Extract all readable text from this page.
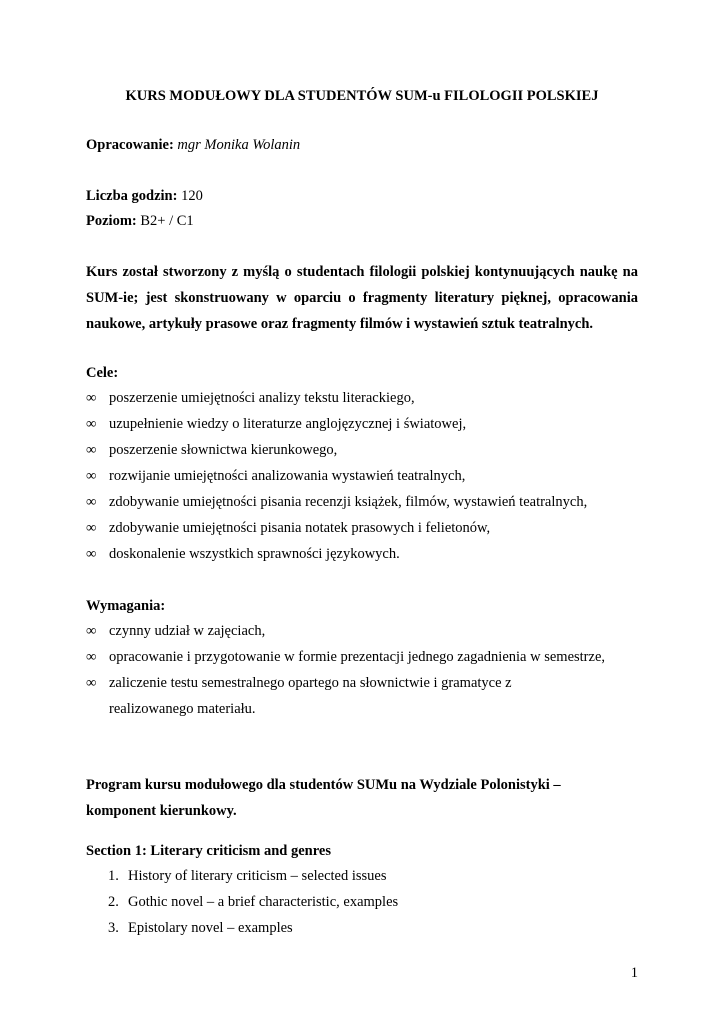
KURS MODUŁOWY DLA STUDENTÓW SUM-u FILOLOGII POLSKIEJ
Opracowanie: mgr Monika Wolanin
Liczba godzin: 120
Poziom: B2+ / C1
Kurs został stworzony z myślą o studentach filologii polskiej kontynuujących naukę na
SUM-ie; jest skonstruowany w oparciu o fragmenty literatury pięknej, opracowania
naukowe, artykuły prasowe oraz fragmenty filmów i wystawień sztuk teatralnych.
Cele:
∞ poszerzenie umiejętności analizy tekstu literackiego,
∞ uzupełnienie wiedzy o literaturze anglojęzycznej i światowej,
∞ poszerzenie słownictwa kierunkowego,
∞ rozwijanie umiejętności analizowania wystawień teatralnych,
∞ zdobywanie umiejętności pisania recenzji książek, filmów, wystawień teatralnych,
∞ zdobywanie umiejętności pisania notatek prasowych i felietonów,
∞ doskonalenie wszystkich sprawności językowych.
Wymagania:
∞ czynny udział w zajęciach,
∞ opracowanie i przygotowanie w formie prezentacji jednego zagadnienia w semestrze,
∞ zaliczenie testu semestralnego opartego na słownictwie i gramatyce z realizowanego materiału.
Program kursu modułowego dla studentów SUMu na Wydziale Polonistyki –
komponent kierunkowy.
Section 1: Literary criticism and genres
1. History of literary criticism – selected issues
2. Gothic novel – a brief characteristic, examples
3. Epistolary novel – examples
1
